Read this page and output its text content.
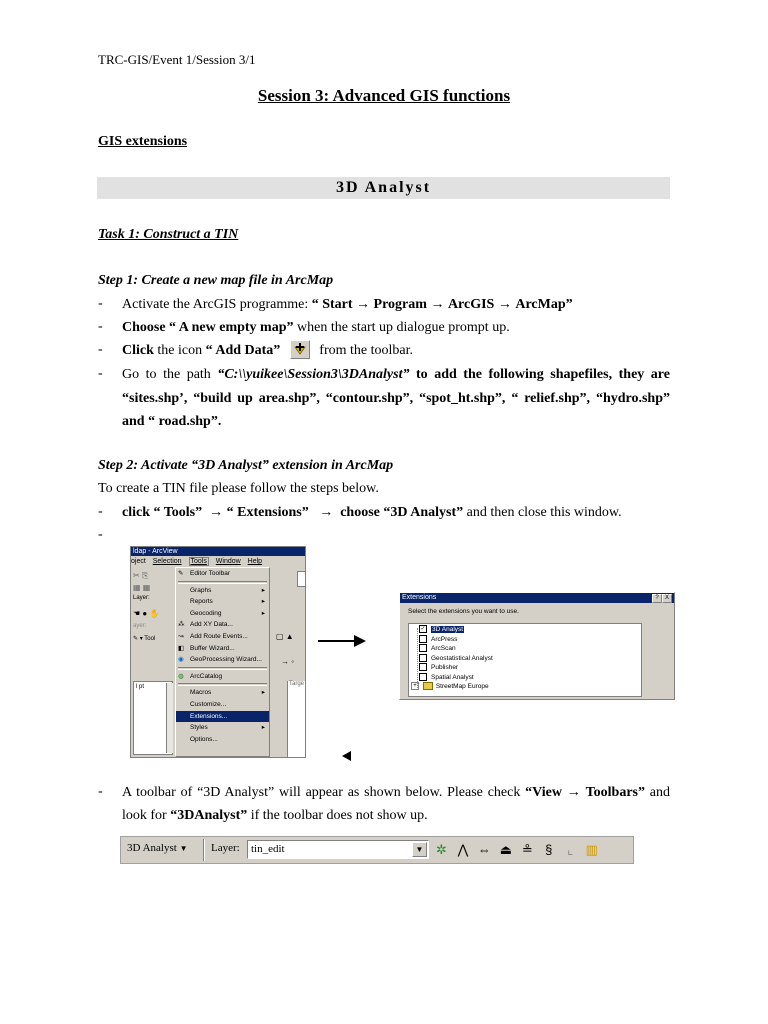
TRC-GIS/Event 1/Session 3/1
Session 3: Advanced GIS functions
GIS extensions
3D Analyst
Task 1: Construct a TIN
Step 1: Create a new map file in ArcMap
- Activate the ArcGIS programme: “ Start → Program → ArcGIS → ArcMap”
- Choose “ A new empty map” when the start up dialogue prompt up.
- Click the icon “ Add Data”	from the toolbar.
- Go to the path “C:\\yuikee\Session3\3DAnalyst” to add the following shapefiles, they are “sites.shp’, “build up area.shp”, “contour.shp”, “spot_ht.shp”, “ relief.shp”, “hydro.shp” and “ road.shp”.
Step 2: Activate “3D Analyst” extension in ArcMap
To create a TIN file please follow the steps below.
- click “ Tools” → “ Extensions” → choose “3D Analyst” and then close this window.
-
ldap - ArcView
oject Selection Tools Window Help
✂ ⎘
▦ ▦
Layer:
☚ ● ✋
ayer:
✎ ▾ Tool
l pt
▢ ▲
→ ◦
Targe
✎ Editor Toolbar
Graphs	▸
Reports	▸
Geocoding	▸
⁂ Add XY Data...
↝ Add Route Events...
◧ Buffer Wizard...
◉ GeoProcessing Wizard...
◍ ArcCatalog
Macros	▸
Customize...
Extensions...
Styles	▸
Options...
Extensions	?	X
Select the extensions you want to use.
✓ 3D Analyst
ArcPress
ArcScan
Geostatistical Analyst
Publisher
Spatial Analyst
+	StreetMap Europe
- A toolbar of “3D Analyst” will appear as shown below. Please check “View → Toolbars” and look for “3DAnalyst” if the toolbar does not show up.
3D Analyst ▼ Layer: tin_edit	▼ ✲ ⋀ ⇔ ⏏ ≗ § ⌞ ▥
